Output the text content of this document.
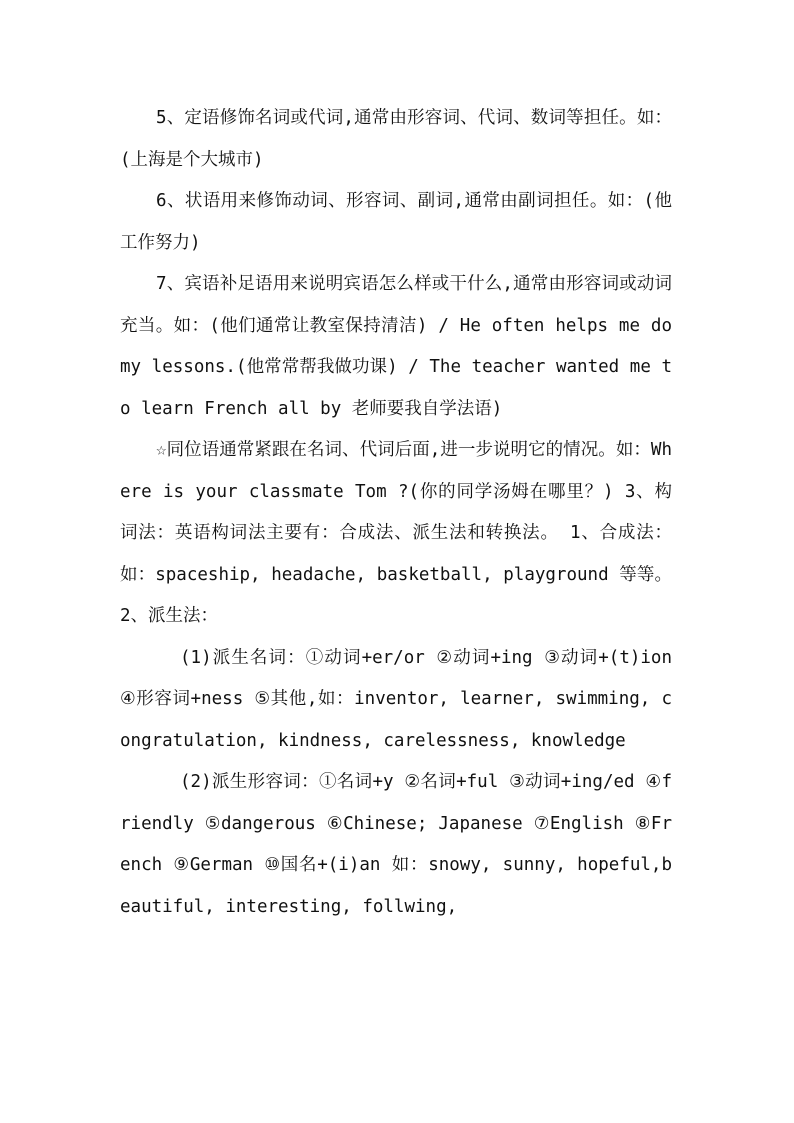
5、定语修饰名词或代词,通常由形容词、代词、数词等担任。如： (上海是个大城市)

6、状语用来修饰动词、形容词、副词,通常由副词担任。如：(他工作努力)

7、宾语补足语用来说明宾语怎么样或干什么,通常由形容词或动词充当。如：(他们通常让教室保持清洁) / He often helps me do my lessons.(他常常帮我做功课) / The teacher wanted me to learn French all by 老师要我自学法语)

☆同位语通常紧跟在名词、代词后面,进一步说明它的情况。如：Where is your classmate Tom ?(你的同学汤姆在哪里？) 3、构词法：英语构词法主要有：合成法、派生法和转换法。 1、合成法：如：spaceship, headache, basketball, playground 等等。 2、派生法：

(1)派生名词：①动词+er/or ②动词+ing ③动词+(t)ion ④形容词+ness ⑤其他,如：inventor, learner, swimming, congratulation, kindness, carelessness, knowledge

(2)派生形容词：①名词+y ②名词+ful ③动词+ing/ed ④friendly ⑤dangerous ⑥Chinese; Japanese ⑦English ⑧French ⑨German ⑩国名+(i)an 如：snowy, sunny, hopeful,beautiful, interesting, follwing,
